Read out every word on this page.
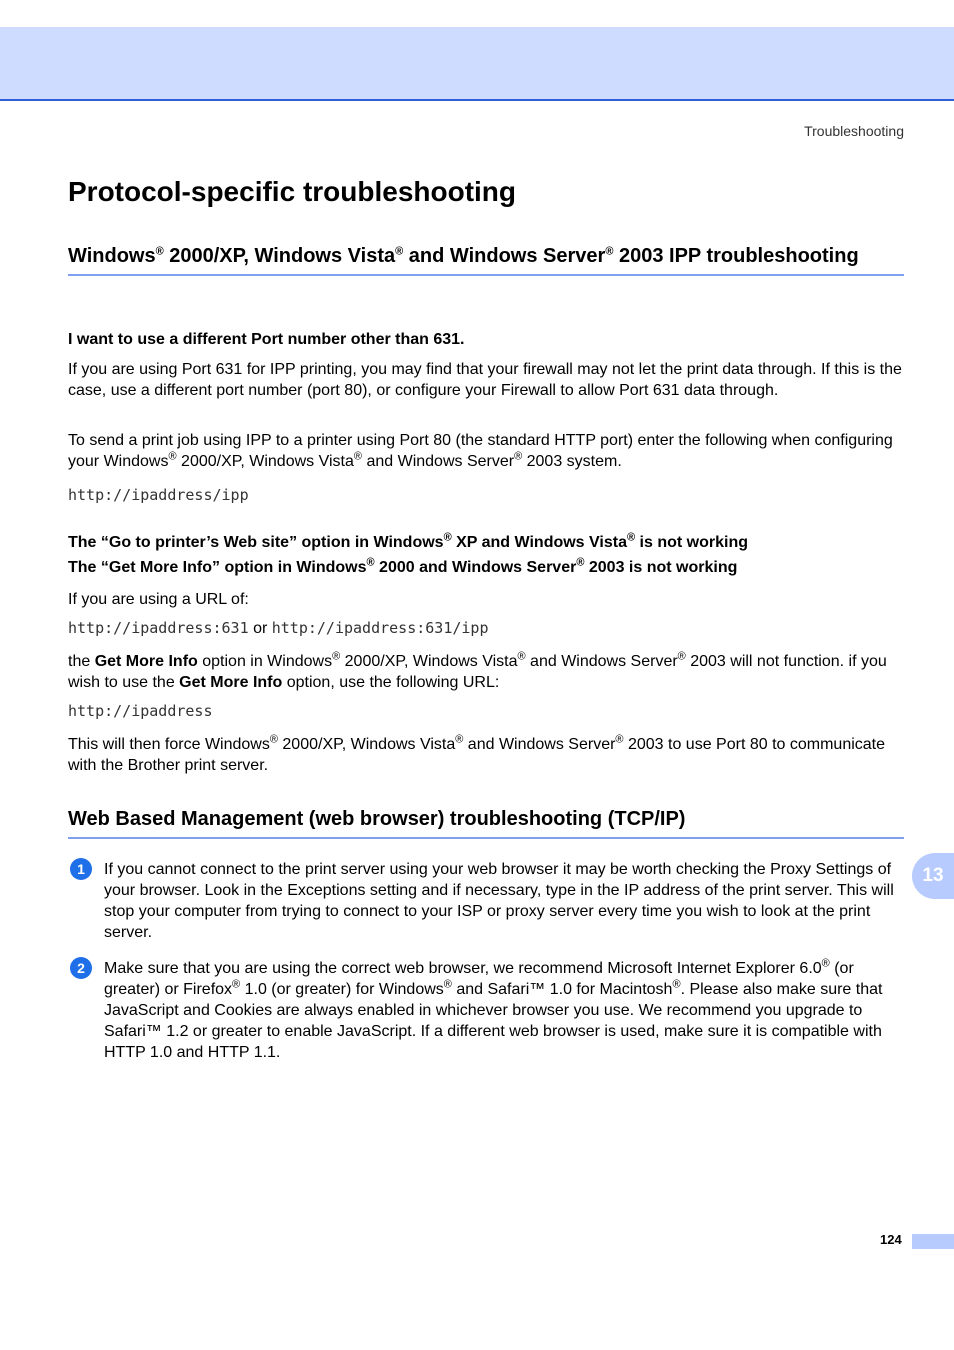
Troubleshooting
Protocol-specific troubleshooting
Windows® 2000/XP, Windows Vista® and Windows Server® 2003 IPP troubleshooting

I want to use a different Port number other than 631.

If you are using Port 631 for IPP printing, you may find that your firewall may not let the print data through. If this is the case, use a different port number (port 80), or configure your Firewall to allow Port 631 data through.

To send a print job using IPP to a printer using Port 80 (the standard HTTP port) enter the following when configuring your Windows® 2000/XP, Windows Vista® and Windows Server® 2003 system.

http://ipaddress/ipp

The “Go to printer’s Web site” option in Windows® XP and Windows Vista® is not working

The “Get More Info” option in Windows® 2000 and Windows Server® 2003 is not working

If you are using a URL of:

http://ipaddress:631 or http://ipaddress:631/ipp

the Get More Info option in Windows® 2000/XP, Windows Vista® and Windows Server® 2003 will not function. if you wish to use the Get More Info option, use the following URL:

http://ipaddress

This will then force Windows® 2000/XP, Windows Vista® and Windows Server® 2003 to use Port 80 to communicate with the Brother print server.

Web Based Management (web browser) troubleshooting (TCP/IP)
1	If you cannot connect to the print server using your web browser it may be worth checking the Proxy Settings of your browser. Look in the Exceptions setting and if necessary, type in the IP address of the print server. This will stop your computer from trying to connect to your ISP or proxy server every time you wish to look at the print server.

2	Make sure that you are using the correct web browser, we recommend Microsoft Internet Explorer 6.0® (or greater) or Firefox® 1.0 (or greater) for Windows® and Safari™ 1.0 for Macintosh®. Please also make sure that JavaScript and Cookies are always enabled in whichever browser you use. We recommend you upgrade to Safari™ 1.2 or greater to enable JavaScript. If a different web browser is used, make sure it is compatible with HTTP 1.0 and HTTP 1.1.

13
124
